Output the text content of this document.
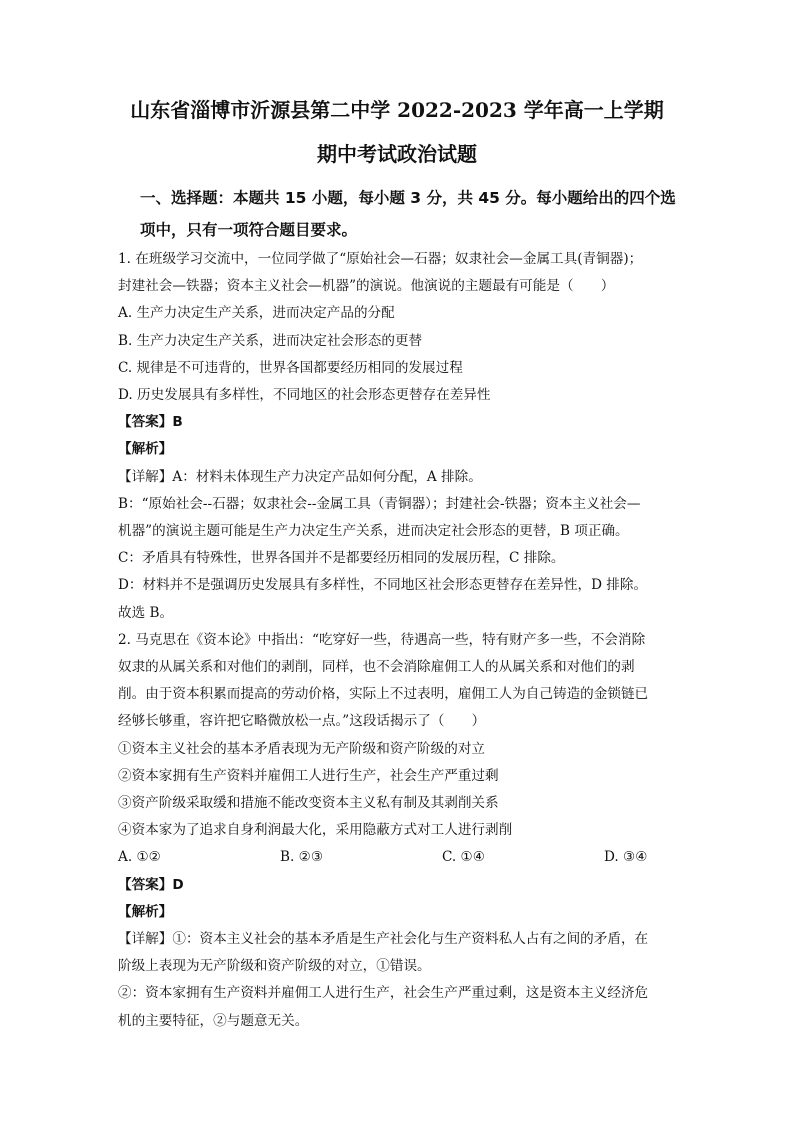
山东省淄博市沂源县第二中学 2022-2023 学年高一上学期
期中考试政治试题
一、选择题：本题共 15 小题，每小题 3 分，共 45 分。每小题给出的四个选
项中，只有一项符合题目要求。
1. 在班级学习交流中，一位同学做了“原始社会—石器；奴隶社会—金属工具(青铜器)；
封建社会—铁器；资本主义社会—机器”的演说。他演说的主题最有可能是（　　）
A. 生产力决定生产关系，进而决定产品的分配
B. 生产力决定生产关系，进而决定社会形态的更替
C. 规律是不可违背的，世界各国都要经历相同的发展过程
D. 历史发展具有多样性，不同地区的社会形态更替存在差异性
【答案】B
【解析】
【详解】A：材料未体现生产力决定产品如何分配，A 排除。
B：“原始社会--石器；奴隶社会--金属工具（青铜器）；封建社会-铁器；资本主义社会—
机器”的演说主题可能是生产力决定生产关系，进而决定社会形态的更替，B 项正确。
C：矛盾具有特殊性，世界各国并不是都要经历相同的发展历程，C 排除。
D：材料并不是强调历史发展具有多样性，不同地区社会形态更替存在差异性，D 排除。
故选 B。
2. 马克思在《资本论》中指出：“吃穿好一些，待遇高一些，特有财产多一些，不会消除
奴隶的从属关系和对他们的剥削，同样，也不会消除雇佣工人的从属关系和对他们的剥
削。由于资本积累而提高的劳动价格，实际上不过表明，雇佣工人为自己铸造的金锁链已
经够长够重，容许把它略微放松一点。”这段话揭示了（　　）
①资本主义社会的基本矛盾表现为无产阶级和资产阶级的对立
②资本家拥有生产资料并雇佣工人进行生产，社会生产严重过剩
③资产阶级采取缓和措施不能改变资本主义私有制及其剥削关系
④资本家为了追求自身利润最大化，采用隐蔽方式对工人进行剥削
A. ①②	B. ②③	C. ①④	D. ③④
【答案】D
【解析】
【详解】①：资本主义社会的基本矛盾是生产社会化与生产资料私人占有之间的矛盾，在
阶级上表现为无产阶级和资产阶级的对立，①错误。
②：资本家拥有生产资料并雇佣工人进行生产，社会生产严重过剩，这是资本主义经济危
机的主要特征，②与题意无关。
